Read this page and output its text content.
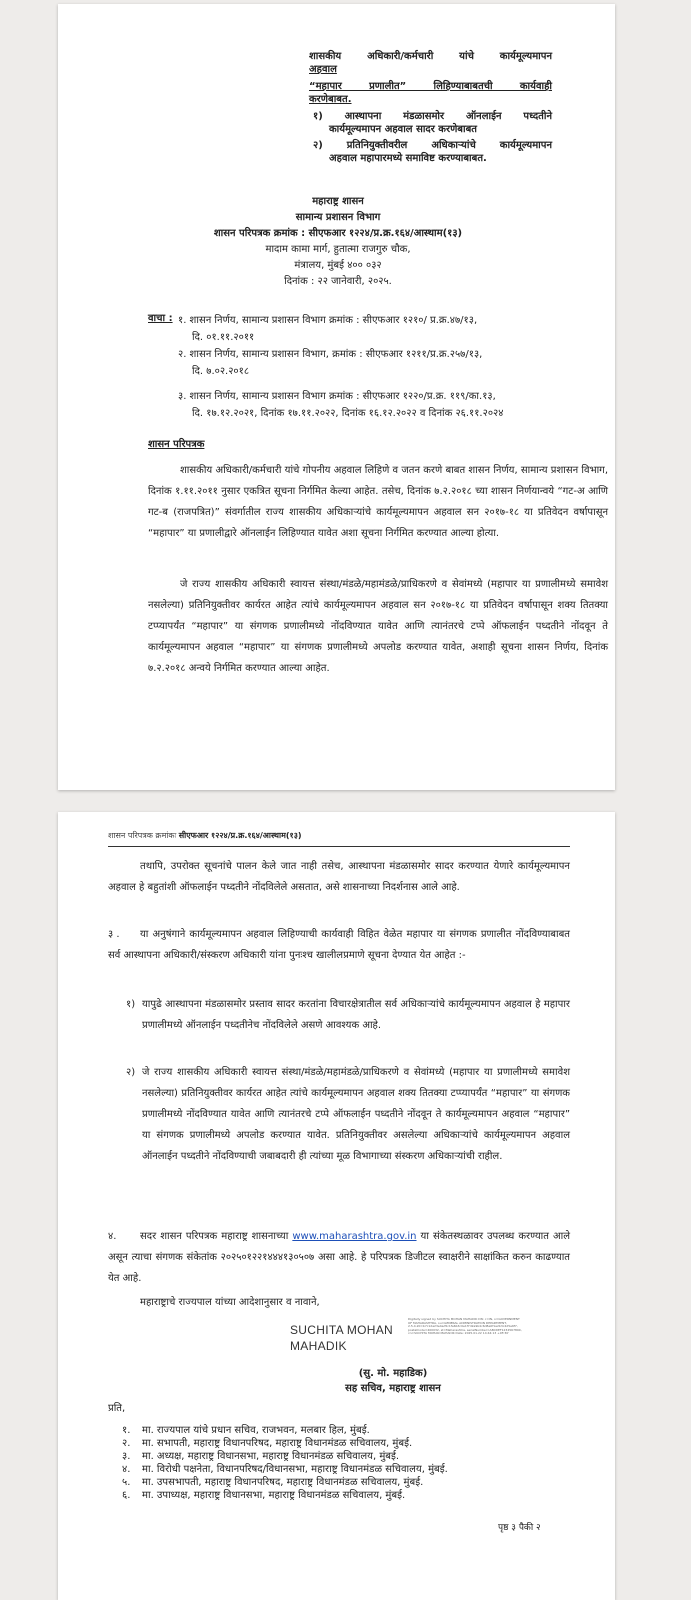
शासकीय अधिकारी/कर्मचारी यांचे कार्यमूल्यमापन
अहवाल
“महापार प्रणालीत” लिहिण्याबाबतची कार्यवाही
करणेबाबत.
१) आस्थापना मंडळासमोर ऑनलाईन पध्दतीने
कार्यमूल्यमापन अहवाल सादर करणेबाबत
२) प्रतिनियुक्तीवरील अधिकाऱ्यांचे कार्यमूल्यमापन
अहवाल महापारमध्ये समाविष्ट करण्याबाबत.
महाराष्ट्र शासन
सामान्य प्रशासन विभाग
शासन परिपत्रक क्रमांक : सीएफआर १२२४/प्र.क्र.१६४/आस्थाम(१३)
मादाम कामा मार्ग, हुतात्मा राजगुरु चौक,
मंत्रालय, मुंबई ४०० ०३२
दिनांक : २२ जानेवारी, २०२५.
वाचा : १. शासन निर्णय, सामान्य प्रशासन विभाग क्रमांक : सीएफआर १२१०/ प्र.क्र.४७/१३,
दि. ०१.११.२०११
२. शासन निर्णय, सामान्य प्रशासन विभाग, क्रमांक : सीएफआर १२११/प्र.क्र.२५७/१३,
दि. ७.०२.२०१८
३. शासन निर्णय, सामान्य प्रशासन विभाग क्रमांक : सीएफआर १२२०/प्र.क्र. ११९/का.१३,
दि. १७.१२.२०२१, दिनांक १७.११.२०२२, दिनांक १६.१२.२०२२ व दिनांक २६.११.२०२४
शासन परिपत्रक
शासकीय अधिकारी/कर्मचारी यांचे गोपनीय अहवाल लिहिणे व जतन करणे बाबत शासन निर्णय, सामान्य प्रशासन विभाग, दिनांक १.११.२०११ नुसार एकत्रित सूचना निर्गमित केल्या आहेत. तसेच, दिनांक ७.२.२०१८ च्या शासन निर्णयान्वये “गट-अ आणि गट-ब (राजपत्रित)” संवर्गातील राज्य शासकीय अधिकाऱ्यांचे कार्यमूल्यमापन अहवाल सन २०१७-१८ या प्रतिवेदन वर्षापासून “महापार” या प्रणालीद्वारे ऑनलाईन लिहिण्यात यावेत अशा सूचना निर्गमित करण्यात आल्या होत्या.
जे राज्य शासकीय अधिकारी स्वायत्त संस्था/मंडळे/महामंडळे/प्राधिकरणे व सेवांमध्ये (महापार या प्रणालीमध्ये समावेश नसलेल्या) प्रतिनियुक्तीवर कार्यरत आहेत त्यांचे कार्यमूल्यमापन अहवाल सन २०१७-१८ या प्रतिवेदन वर्षापासून शक्य तितक्या टप्प्यापर्यंत “महापार” या संगणक प्रणालीमध्ये नोंदविण्यात यावेत आणि त्यानंतरचे टप्पे ऑफलाईन पध्दतीने नोंदवून ते कार्यमूल्यमापन अहवाल “महापार” या संगणक प्रणालीमध्ये अपलोड करण्यात यावेत, अशाही सूचना शासन निर्णय, दिनांक ७.२.२०१८ अन्वये निर्गमित करण्यात आल्या आहेत.
शासन परिपत्रक क्रमांकः सीएफआर १२२४/प्र.क्र.१६४/आस्थाम(१३)
तथापि, उपरोक्त सूचनांचे पालन केले जात नाही तसेच, आस्थापना मंडळासमोर सादर करण्यात येणारे कार्यमूल्यमापन अहवाल हे बहुतांशी ऑफलाईन पध्दतीने नोंदविलेले असतात, असे शासनाच्या निदर्शनास आले आहे.
३ . या अनुषंगाने कार्यमूल्यमापन अहवाल लिहिण्याची कार्यवाही विहित वेळेत महापार या संगणक प्रणालीत नोंदविण्याबाबत सर्व आस्थापना अधिकारी/संस्करण अधिकारी यांना पुनःश्च खालीलप्रमाणे सूचना देण्यात येत आहेत :-
१) यापुढे आस्थापना मंडळासमोर प्रस्ताव सादर करतांना विचारक्षेत्रातील सर्व अधिकाऱ्यांचे कार्यमूल्यमापन अहवाल हे महापार प्रणालीमध्ये ऑनलाईन पध्दतीनेच नोंदविलेले असणे आवश्यक आहे.
२) जे राज्य शासकीय अधिकारी स्वायत्त संस्था/मंडळे/महामंडळे/प्राधिकरणे व सेवांमध्ये (महापार या प्रणालीमध्ये समावेश नसलेल्या) प्रतिनियुक्तीवर कार्यरत आहेत त्यांचे कार्यमूल्यमापन अहवाल शक्य तितक्या टप्प्यापर्यंत “महापार” या संगणक प्रणालीमध्ये नोंदविण्यात यावेत आणि त्यानंतरचे टप्पे ऑफलाईन पध्दतीने नोंदवून ते कार्यमूल्यमापन अहवाल “महापार” या संगणक प्रणालीमध्ये अपलोड करण्यात यावेत. प्रतिनियुक्तीवर असलेल्या अधिकाऱ्यांचे कार्यमूल्यमापन अहवाल ऑनलाईन पध्दतीने नोंदविण्याची जबाबदारी ही त्यांच्या मूळ विभागाच्या संस्करण अधिकाऱ्यांची राहील.
४. सदर शासन परिपत्रक महाराष्ट्र शासनाच्या www.maharashtra.gov.in या संकेतस्थळावर उपलब्ध करण्यात आले असून त्याचा संगणक संकेतांक २०२५०१२२१४४४१३०५०७ असा आहे. हे परिपत्रक डिजीटल स्वाक्षरीने साक्षांकित करुन काढण्यात येत आहे.
महाराष्ट्राचे राज्यपाल यांच्या आदेशानुसार व नावाने,
SUCHITA MOHAN
MAHADIK
Digitally signed by SUCHITA MOHAN MAHADIK DN: c=IN, o=GOVERNMENT OF MAHARASHTRA, ou=GENERAL ADMINISTRATION DEPARTMENT, 2.5.4.20=b7c12a23e4ad5c1fa6b3c0e1f7d2a9b4c6d8e0f1a2b3c4d5e6f7, postalCode=400032, st=Maharashtra, serialNumber=ABCDEF1234567890, cn=SUCHITA MOHAN MAHADIK Date: 2025.01.22 14:44:13 +05'30'
(सु. मो. महाडिक)
सह सचिव, महाराष्ट्र शासन
प्रति,
१. मा. राज्यपाल यांचे प्रधान सचिव, राजभवन, मलबार हिल, मुंबई.
२. मा. सभापती, महाराष्ट्र विधानपरिषद, महाराष्ट्र विधानमंडळ सचिवालय, मुंबई.
३. मा. अध्यक्ष, महाराष्ट्र विधानसभा, महाराष्ट्र विधानमंडळ सचिवालय, मुंबई.
४. मा. विरोधी पक्षनेता, विधानपरिषद/विधानसभा, महाराष्ट्र विधानमंडळ सचिवालय, मुंबई.
५. मा. उपसभापती, महाराष्ट्र विधानपरिषद, महाराष्ट्र विधानमंडळ सचिवालय, मुंबई.
६. मा. उपाध्यक्ष, महाराष्ट्र विधानसभा, महाराष्ट्र विधानमंडळ सचिवालय, मुंबई.
पृष्ठ ३ पैकी २
